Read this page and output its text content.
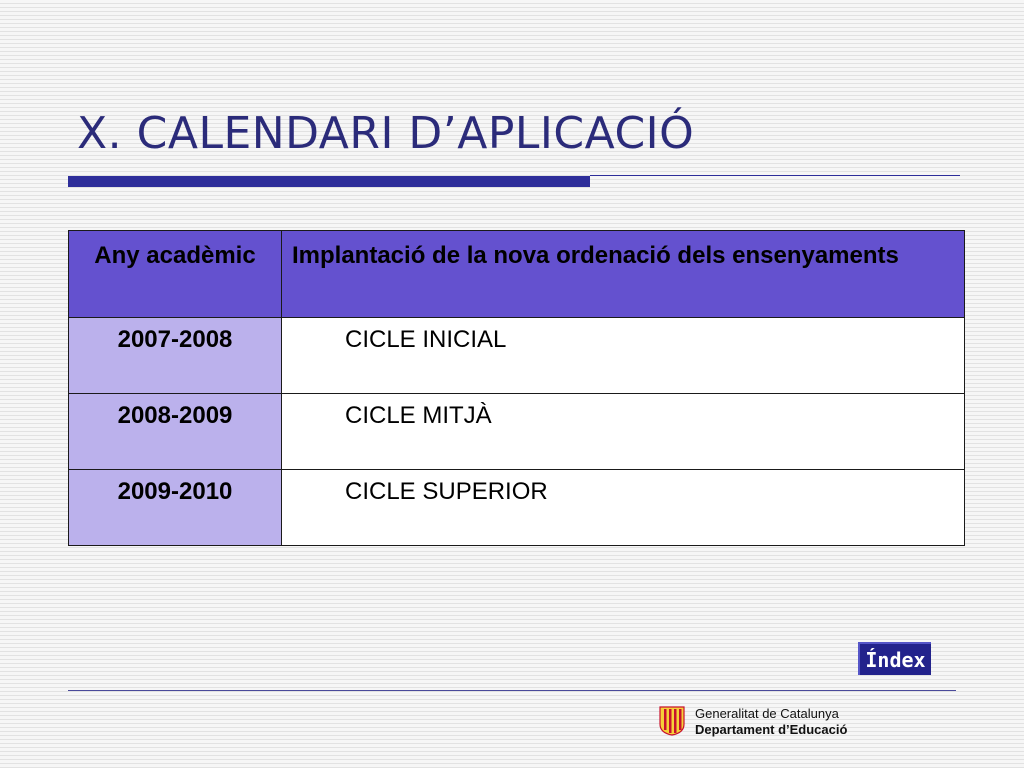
X. CALENDARI D’APLICACIÓ
Any acadèmic	Implantació de la nova ordenació dels ensenyaments
2007-2008	CICLE INICIAL
2008-2009	CICLE MITJÀ
2009-2010	CICLE SUPERIOR
Índex
Generalitat de Catalunya
Departament d’Educació
